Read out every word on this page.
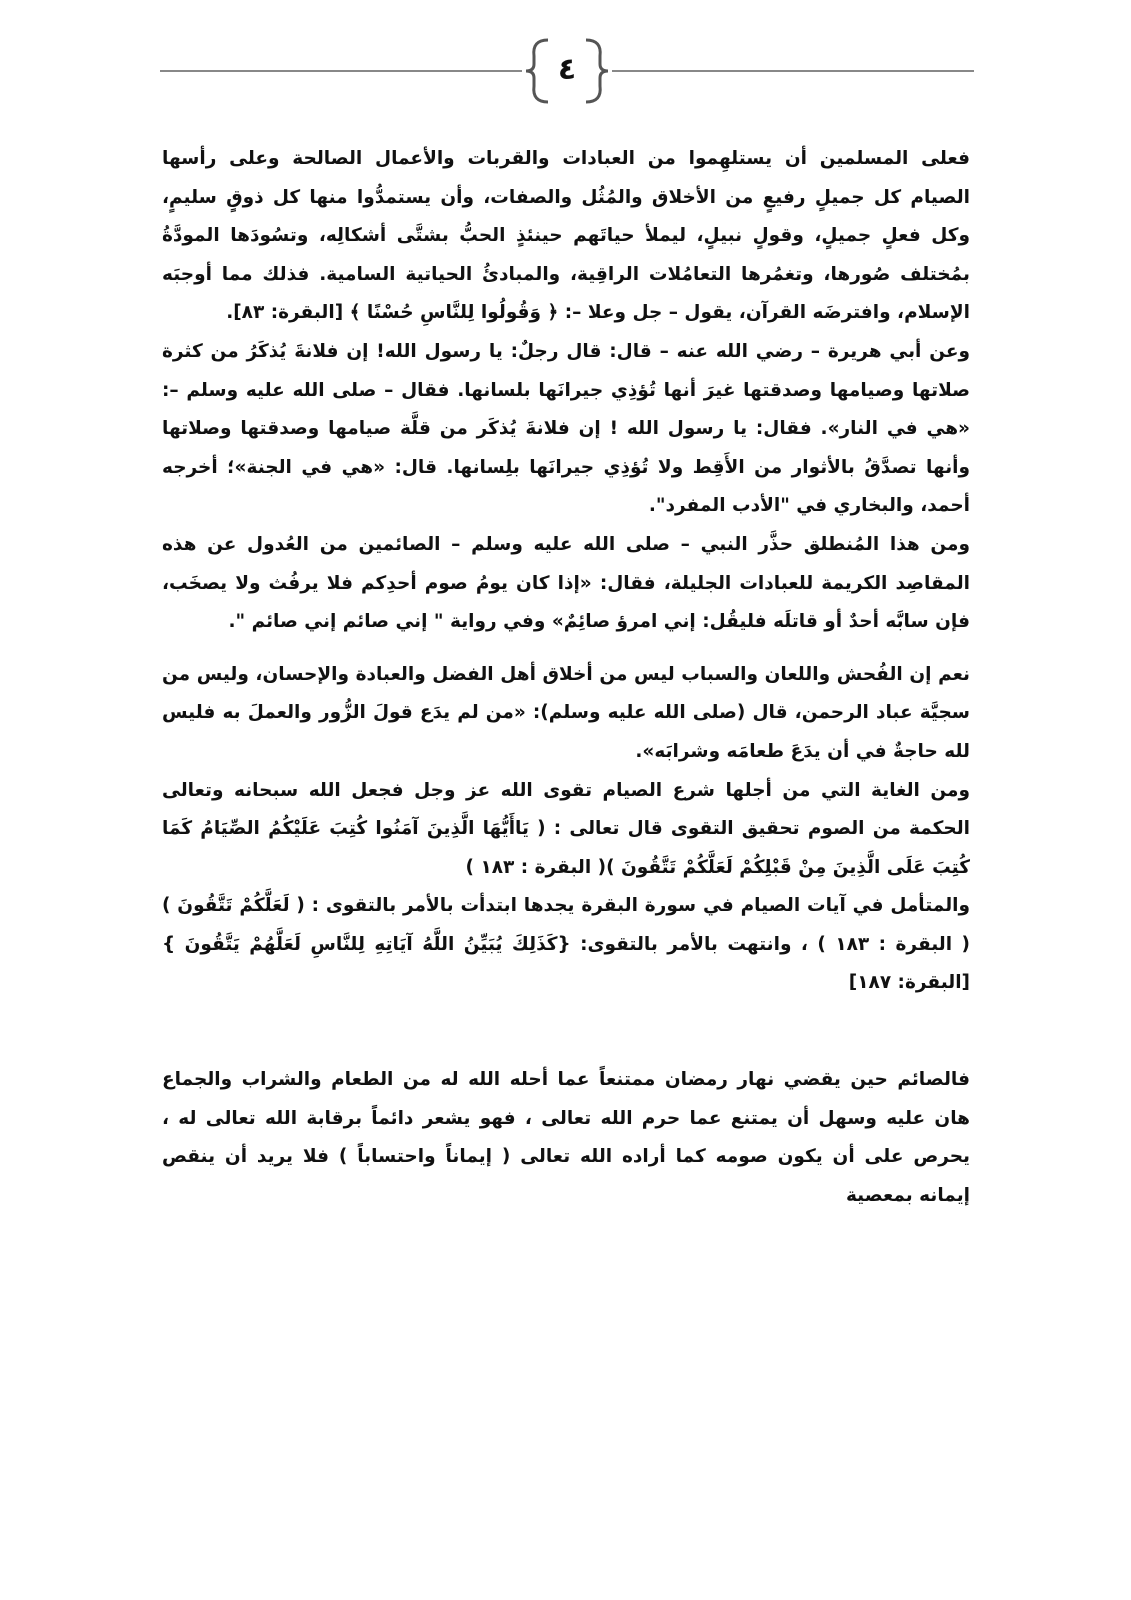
٤

فعلى المسلمين أن يستلهِموا من العبادات والقربات والأعمال الصالحة وعلى رأسها الصيام كل جميلٍ رفيعٍ من الأخلاق والمُثُل والصفات، وأن يستمدُّوا منها كل ذوقٍ سليمٍ، وكل فعلٍ جميلٍ، وقولٍ نبيلٍ، ليملأ حياتَهم حينئذٍ الحبُّ بشتَّى أشكالِه، وتسُودَها المودَّةُ بمُختلف صُورها، وتغمُرها التعامُلات الراقِية، والمبادئُ الحياتية السامية. فذلك مما أوجبَه الإسلام، وافترضَه القرآن، يقول – جل وعلا –: ﴿ وَقُولُوا لِلنَّاسِ حُسْنًا ﴾ [البقرة: ٨٣].

وعن أبي هريرة – رضي الله عنه – قال: قال رجلٌ: يا رسول الله! إن فلانةَ يُذكَرُ من كثرة صلاتها وصيامها وصدقتها غيرَ أنها تُؤذِي جيرانَها بلسانها. فقال – صلى الله عليه وسلم –: «هي في النار». فقال: يا رسول الله ! إن فلانةَ يُذكَر من قلَّة صيامها وصدقتها وصلاتها وأنها تصدَّقُ بالأثوار من الأَقِط ولا تُؤذِي جيرانَها بلِسانها. قال: «هي في الجنة»؛ أخرجه أحمد، والبخاري في "الأدب المفرد".

ومن هذا المُنطلق حذَّر النبي – صلى الله عليه وسلم – الصائمين من العُدول عن هذه المقاصِد الكريمة للعبادات الجليلة، فقال: «إذا كان يومُ صوم أحدِكم فلا يرفُث ولا يصخَب، فإن سابَّه أحدٌ أو قاتلَه فليقُل: إني امرؤ صائِمٌ» وفي رواية " إني صائم إني صائم ".

نعم إن الفُحش واللعان والسباب ليس من أخلاق أهل الفضل والعبادة والإحسان، وليس من سجيَّة عباد الرحمن، قال (صلى الله عليه وسلم): «من لم يدَع قولَ الزُّور والعملَ به فليس لله حاجةٌ في أن يدَعَ طعامَه وشرابَه».

ومن الغاية التي من أجلها شرع الصيام تقوى الله عز وجل فجعل الله سبحانه وتعالى الحكمة من الصوم تحقيق التقوى قال تعالى : ( يَاأَيُّهَا الَّذِينَ آمَنُوا كُتِبَ عَلَيْكُمُ الصِّيَامُ كَمَا كُتِبَ عَلَى الَّذِينَ مِنْ قَبْلِكُمْ لَعَلَّكُمْ تَتَّقُونَ )( البقرة : ١٨٣ )

والمتأمل في آيات الصيام في سورة البقرة يجدها ابتدأت بالأمر بالتقوى : ( لَعَلَّكُمْ تَتَّقُونَ ) ( البقرة : ١٨٣ ) ، وانتهت بالأمر بالتقوى: {كَذَلِكَ يُبَيِّنُ اللَّهُ آيَاتِهِ لِلنَّاسِ لَعَلَّهُمْ يَتَّقُونَ } [البقرة: ١٨٧]

فالصائم حين يقضي نهار رمضان ممتنعاً عما أحله الله له من الطعام والشراب والجماع هان عليه وسهل أن يمتنع عما حرم الله تعالى ، فهو يشعر دائماً برقابة الله تعالى له ، يحرص على أن يكون صومه كما أراده الله تعالى ( إيماناً واحتساباً ) فلا يريد أن ينقص إيمانه بمعصية
